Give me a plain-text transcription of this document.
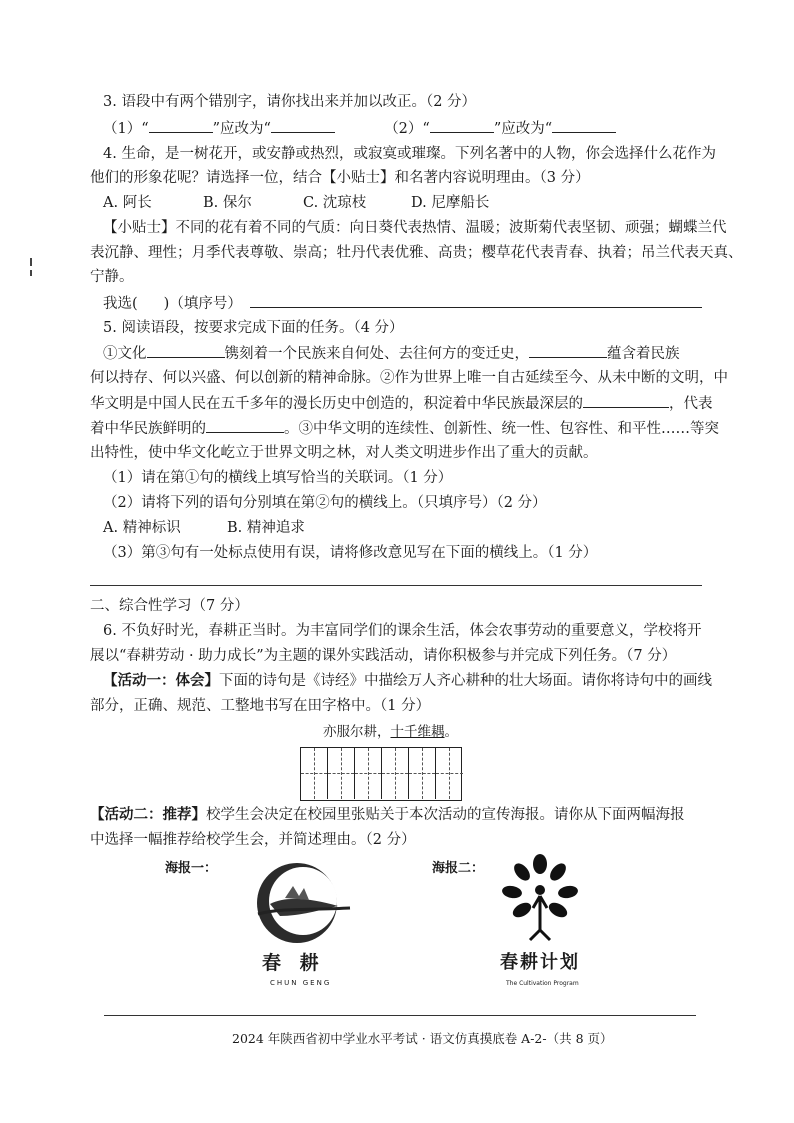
3. 语段中有两个错别字，请你找出来并加以改正。（2 分）
（1）“	”应改为“	（2）“	”应改为“
4. 生命，是一树花开，或安静或热烈，或寂寞或璀璨。下列名著中的人物，你会选择什么花作为
他们的形象花呢？请选择一位，结合【小贴士】和名著内容说明理由。（3 分）
A. 阿长	B. 保尔	C. 沈琼枝	D. 尼摩船长
【小贴士】不同的花有着不同的气质：向日葵代表热情、温暖；波斯菊代表坚韧、顽强；蝴蝶兰代
表沉静、理性；月季代表尊敬、崇高；牡丹代表优雅、高贵；樱草花代表青春、执着；吊兰代表天真、
宁静。
我选( )（填序号）
5. 阅读语段，按要求完成下面的任务。（4 分）
①文化	镌刻着一个民族来自何处、去往何方的变迁史，	蕴含着民族
何以持存、何以兴盛、何以创新的精神命脉。②作为世界上唯一自古延续至今、从未中断的文明，中
华文明是中国人民在五千多年的漫长历史中创造的，积淀着中华民族最深层的	，代表
着中华民族鲜明的	。③中华文明的连续性、创新性、统一性、包容性、和平性……等突
出特性，使中华文化屹立于世界文明之林，对人类文明进步作出了重大的贡献。
（1）请在第①句的横线上填写恰当的关联词。（1 分）
（2）请将下列的语句分别填在第②句的横线上。（只填序号）（2 分）
A. 精神标识	B. 精神追求
（3）第③句有一处标点使用有误，请将修改意见写在下面的横线上。（1 分）
二、综合性学习（7 分）
6. 不负好时光，春耕正当时。为丰富同学们的课余生活，体会农事劳动的重要意义，学校将开
展以“春耕劳动 · 助力成长”为主题的课外实践活动，请你积极参与并完成下列任务。（7 分）
【活动一：体会】下面的诗句是《诗经》中描绘万人齐心耕种的壮大场面。请你将诗句中的画线
部分，正确、规范、工整地书写在田字格中。（1 分）
亦服尔耕，十千维耦。
【活动二：推荐】校学生会决定在校园里张贴关于本次活动的宣传海报。请你从下面两幅海报
中选择一幅推荐给校学生会，并简述理由。（2 分）
海报一：
春 耕
CHUN GENG
海报二：
春耕计划
The Cultivation Program
2024 年陕西省初中学业水平考试 · 语文仿真摸底卷 A-2-（共 8 页）
